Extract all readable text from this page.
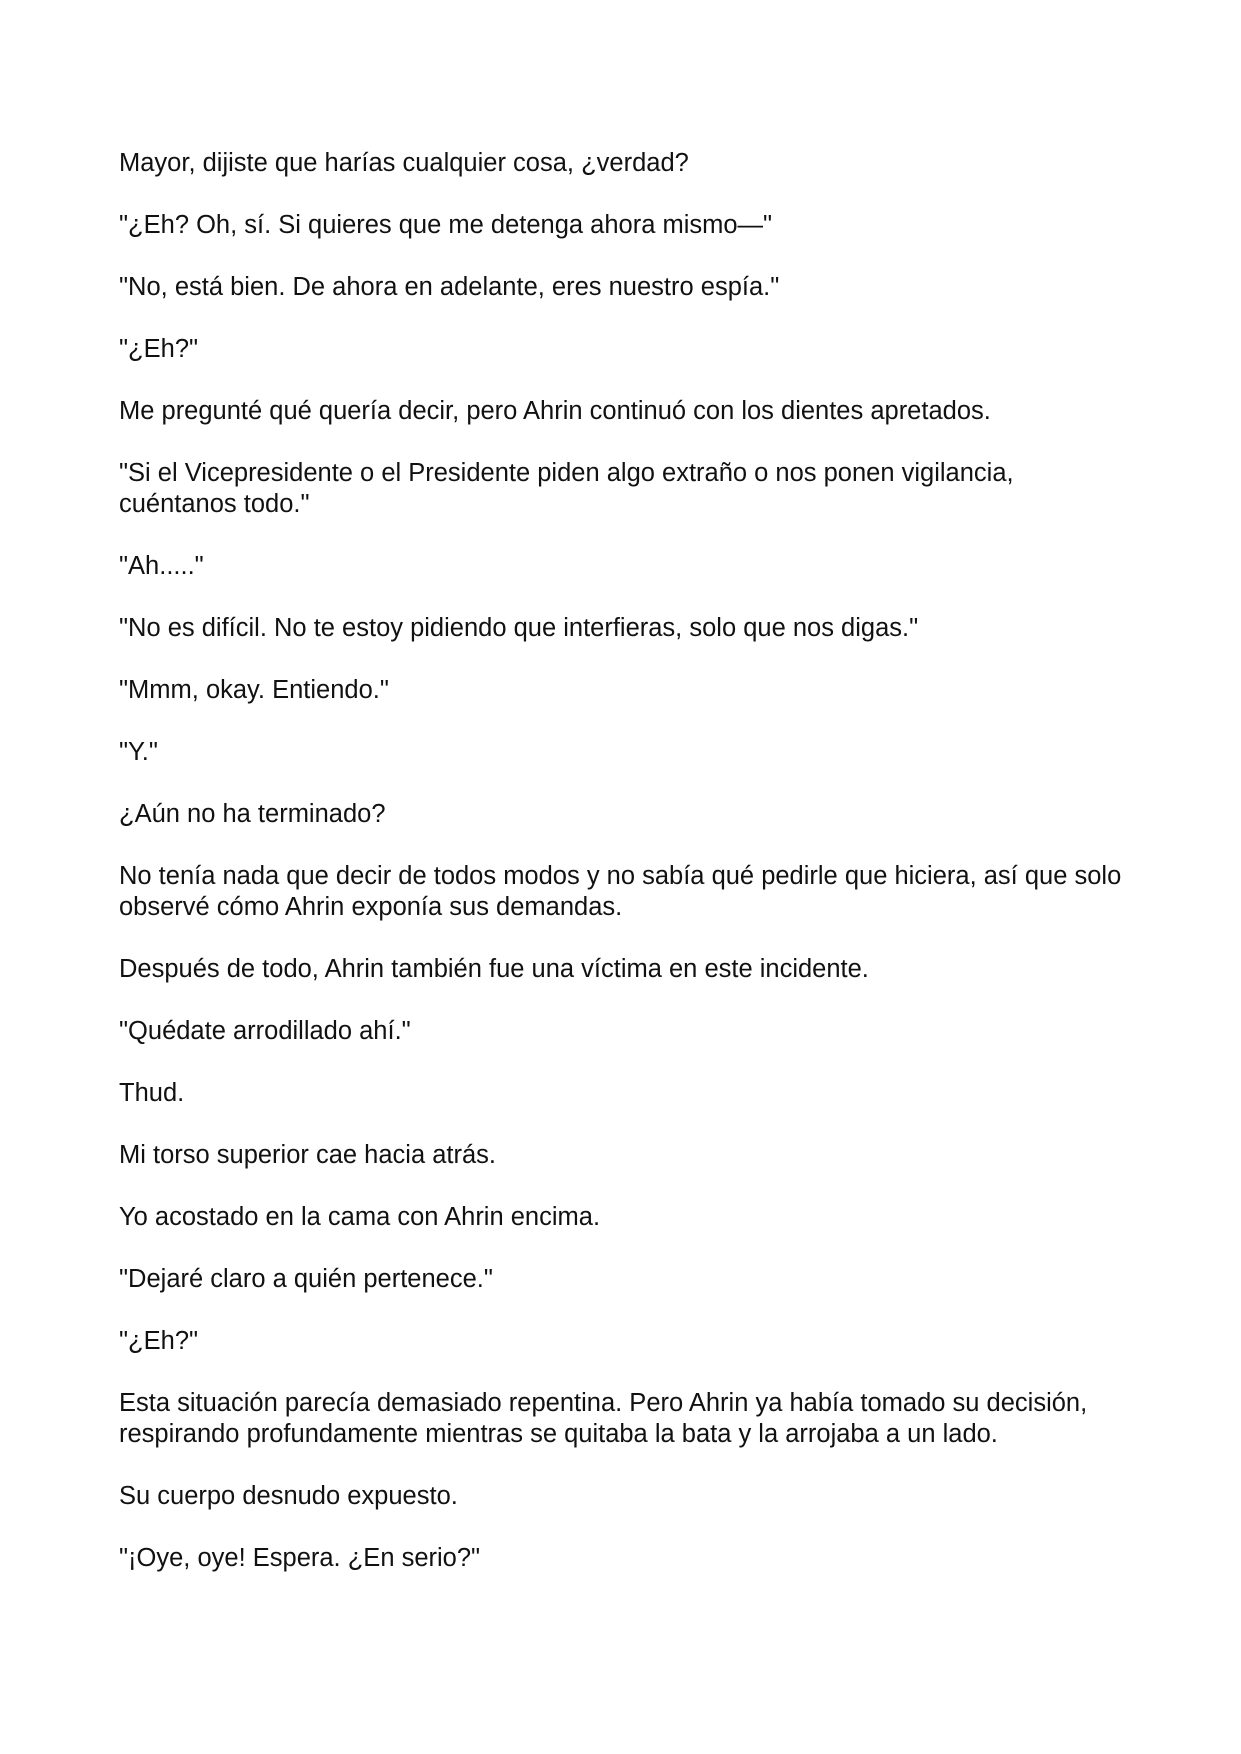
Mayor, dijiste que harías cualquier cosa, ¿verdad?

"¿Eh? Oh, sí. Si quieres que me detenga ahora mismo—"

"No, está bien. De ahora en adelante, eres nuestro espía."

"¿Eh?"

Me pregunté qué quería decir, pero Ahrin continuó con los dientes apretados.

"Si el Vicepresidente o el Presidente piden algo extraño o nos ponen vigilancia, cuéntanos todo."

"Ah....."

"No es difícil. No te estoy pidiendo que interfieras, solo que nos digas."

"Mmm, okay. Entiendo."

"Y."

¿Aún no ha terminado?

No tenía nada que decir de todos modos y no sabía qué pedirle que hiciera, así que solo observé cómo Ahrin exponía sus demandas.

Después de todo, Ahrin también fue una víctima en este incidente.

"Quédate arrodillado ahí."

Thud.

Mi torso superior cae hacia atrás.

Yo acostado en la cama con Ahrin encima.

"Dejaré claro a quién pertenece."

"¿Eh?"

Esta situación parecía demasiado repentina. Pero Ahrin ya había tomado su decisión, respirando profundamente mientras se quitaba la bata y la arrojaba a un lado.

Su cuerpo desnudo expuesto.

"¡Oye, oye! Espera. ¿En serio?"
